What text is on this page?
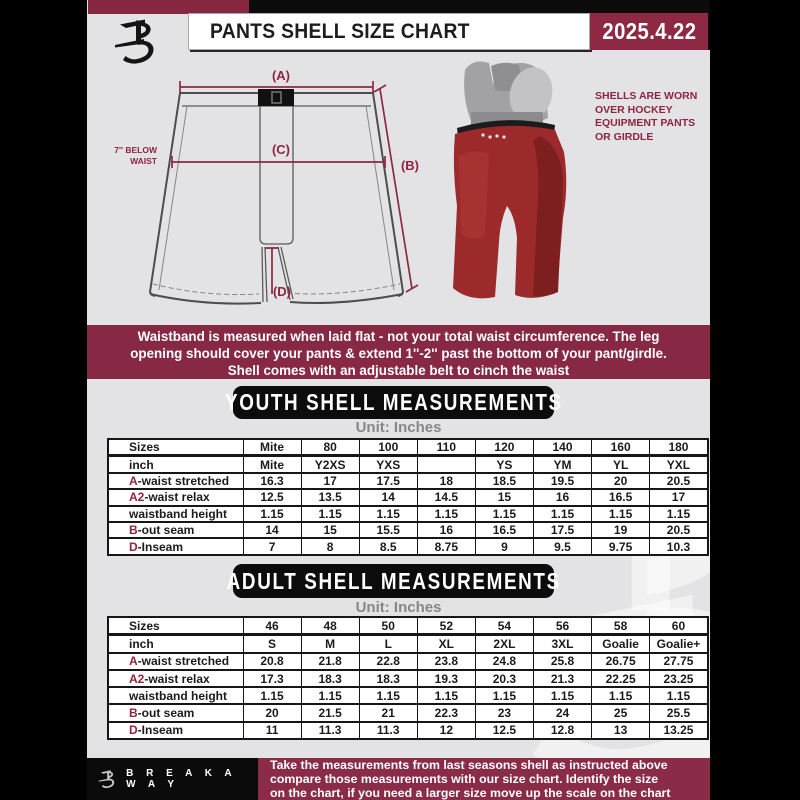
PANTS SHELL SIZE CHART	2025.4.22
(A)
(C)
(B)
(D)
7'' BELOW
WAIST
SHELLS ARE WORN
OVER HOCKEY
EQUIPMENT PANTS
OR GIRDLE
Waistband is measured when laid flat - not your total waist circumference. The leg
opening should cover your pants & extend 1''-2'' past the bottom of your pant/girdle.
Shell comes with an adjustable belt to cinch the waist
YOUTH SHELL MEASUREMENTS
Unit: Inches
Sizes	Mite	80	100	110	120	140	160	180
inch	Mite	Y2XS	YXS		YS	YM	YL	YXL
A-waist stretched	16.3	17	17.5	18	18.5	19.5	20	20.5
A2-waist relax	12.5	13.5	14	14.5	15	16	16.5	17
waistband height	1.15	1.15	1.15	1.15	1.15	1.15	1.15	1.15
B-out seam	14	15	15.5	16	16.5	17.5	19	20.5
D-Inseam	7	8	8.5	8.75	9	9.5	9.75	10.3
ADULT SHELL MEASUREMENTS
Unit: Inches
Sizes	46	48	50	52	54	56	58	60
inch	S	M	L	XL	2XL	3XL	Goalie	Goalie+
A-waist stretched	20.8	21.8	22.8	23.8	24.8	25.8	26.75	27.75
A2-waist relax	17.3	18.3	18.3	19.3	20.3	21.3	22.25	23.25
waistband height	1.15	1.15	1.15	1.15	1.15	1.15	1.15	1.15
B-out seam	20	21.5	21	22.3	23	24	25	25.5
D-Inseam	11	11.3	11.3	12	12.5	12.8	13	13.25
B R E A K A W A Y
Take the measurements from last seasons shell as instructed above
compare those measurements with our size chart. Identify the size
on the chart, if you need a larger size move up the scale on the chart
